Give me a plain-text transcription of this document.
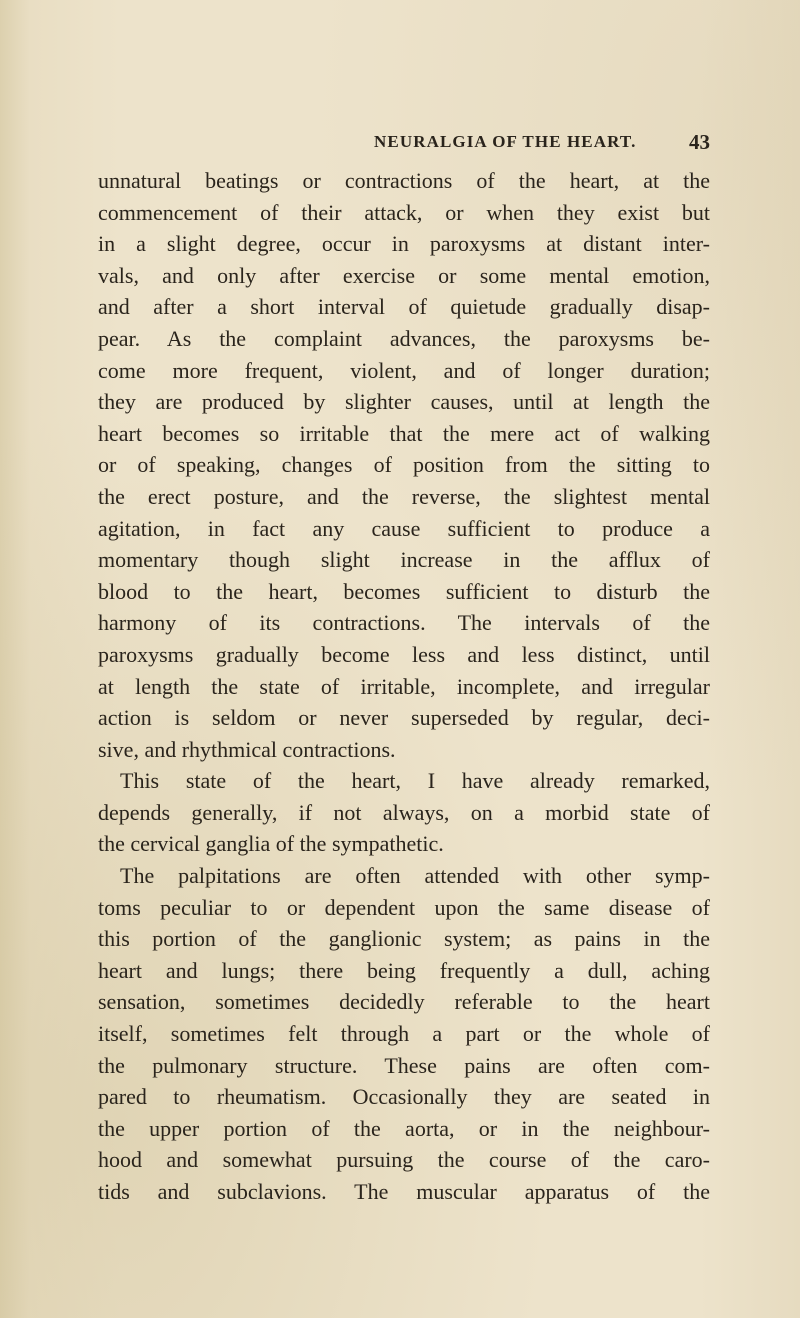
NEURALGIA OF THE HEART.	43
unnatural beatings or contractions of the heart, at the
commencement of their attack, or when they exist but
in a slight degree, occur in paroxysms at distant inter-
vals, and only after exercise or some mental emotion,
and after a short interval of quietude gradually disap-
pear. As the complaint advances, the paroxysms be-
come more frequent, violent, and of longer duration;
they are produced by slighter causes, until at length the
heart becomes so irritable that the mere act of walking
or of speaking, changes of position from the sitting to
the erect posture, and the reverse, the slightest mental
agitation, in fact any cause sufficient to produce a
momentary though slight increase in the afflux of
blood to the heart, becomes sufficient to disturb the
harmony of its contractions. The intervals of the
paroxysms gradually become less and less distinct, until
at length the state of irritable, incomplete, and irregular
action is seldom or never superseded by regular, deci-
sive, and rhythmical contractions.
This state of the heart, I have already remarked,
depends generally, if not always, on a morbid state of
the cervical ganglia of the sympathetic.
The palpitations are often attended with other symp-
toms peculiar to or dependent upon the same disease of
this portion of the ganglionic system; as pains in the
heart and lungs; there being frequently a dull, aching
sensation, sometimes decidedly referable to the heart
itself, sometimes felt through a part or the whole of
the pulmonary structure. These pains are often com-
pared to rheumatism. Occasionally they are seated in
the upper portion of the aorta, or in the neighbour-
hood and somewhat pursuing the course of the caro-
tids and subclavions. The muscular apparatus of the
